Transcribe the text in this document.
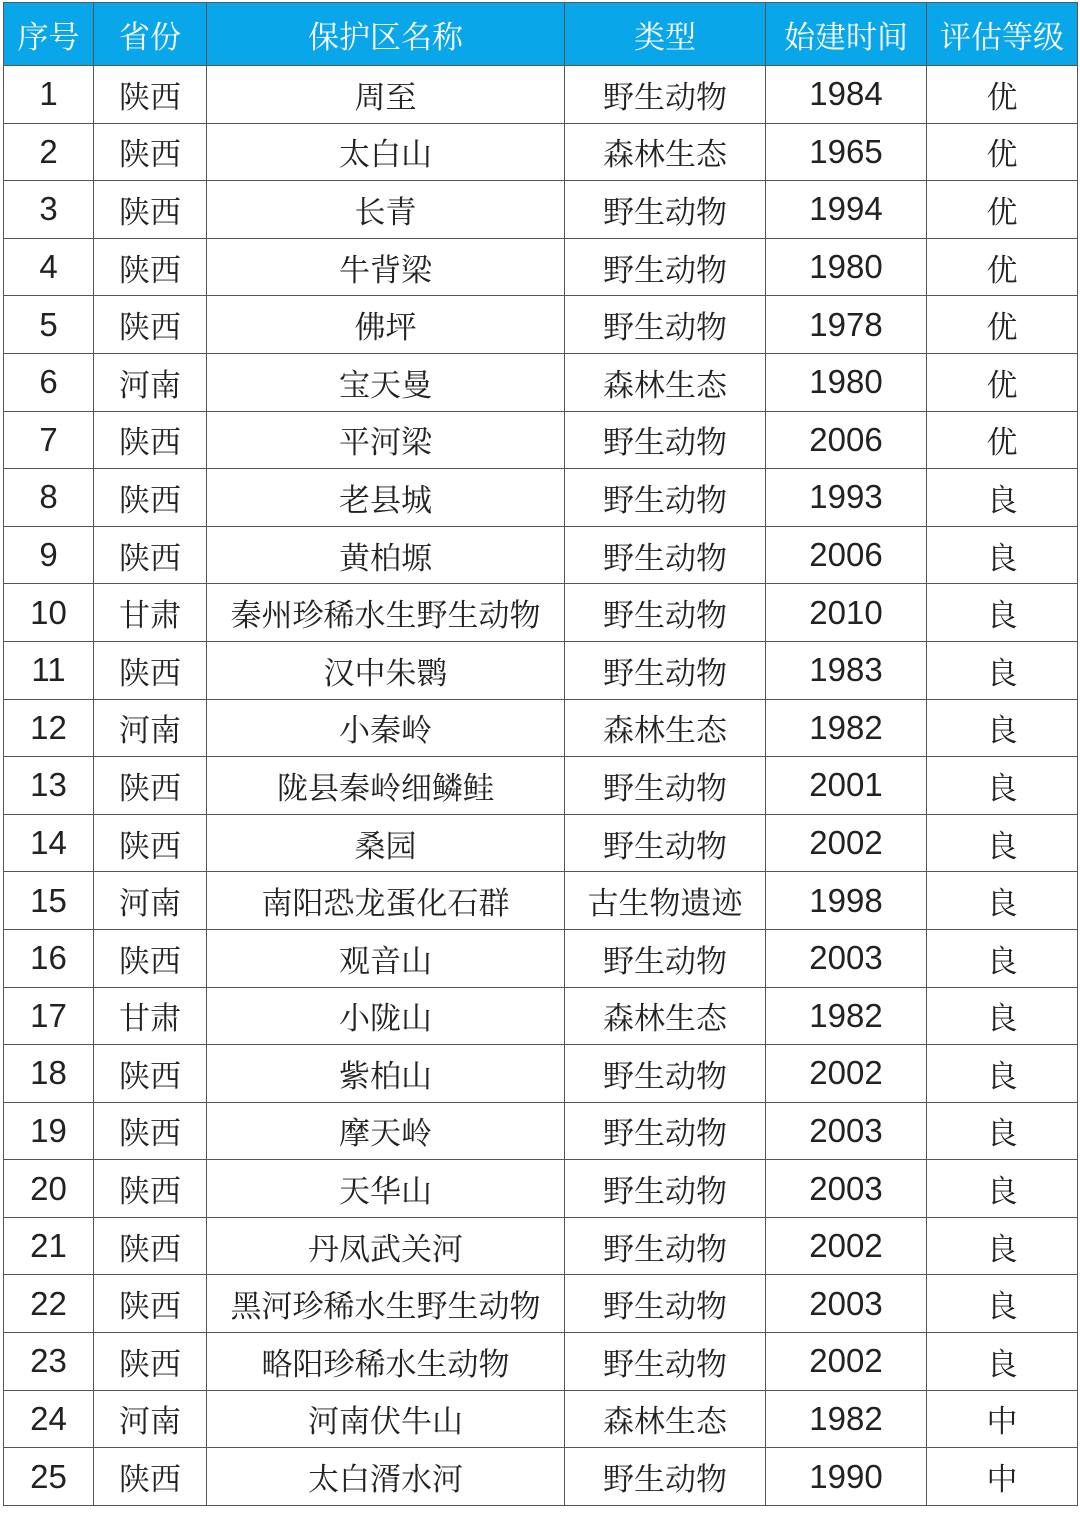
序号	省份	保护区名称	类型	始建时间	评估等级
1	陕西	周至	野生动物	1984	优
2	陕西	太白山	森林生态	1965	优
3	陕西	长青	野生动物	1994	优
4	陕西	牛背梁	野生动物	1980	优
5	陕西	佛坪	野生动物	1978	优
6	河南	宝天曼	森林生态	1980	优
7	陕西	平河梁	野生动物	2006	优
8	陕西	老县城	野生动物	1993	良
9	陕西	黄柏塬	野生动物	2006	良
10	甘肃	秦州珍稀水生野生动物	野生动物	2010	良
11	陕西	汉中朱鹮	野生动物	1983	良
12	河南	小秦岭	森林生态	1982	良
13	陕西	陇县秦岭细鳞鲑	野生动物	2001	良
14	陕西	桑园	野生动物	2002	良
15	河南	南阳恐龙蛋化石群	古生物遗迹	1998	良
16	陕西	观音山	野生动物	2003	良
17	甘肃	小陇山	森林生态	1982	良
18	陕西	紫柏山	野生动物	2002	良
19	陕西	摩天岭	野生动物	2003	良
20	陕西	天华山	野生动物	2003	良
21	陕西	丹凤武关河	野生动物	2002	良
22	陕西	黑河珍稀水生野生动物	野生动物	2003	良
23	陕西	略阳珍稀水生动物	野生动物	2002	良
24	河南	河南伏牛山	森林生态	1982	中
25	陕西	太白湑水河	野生动物	1990	中
